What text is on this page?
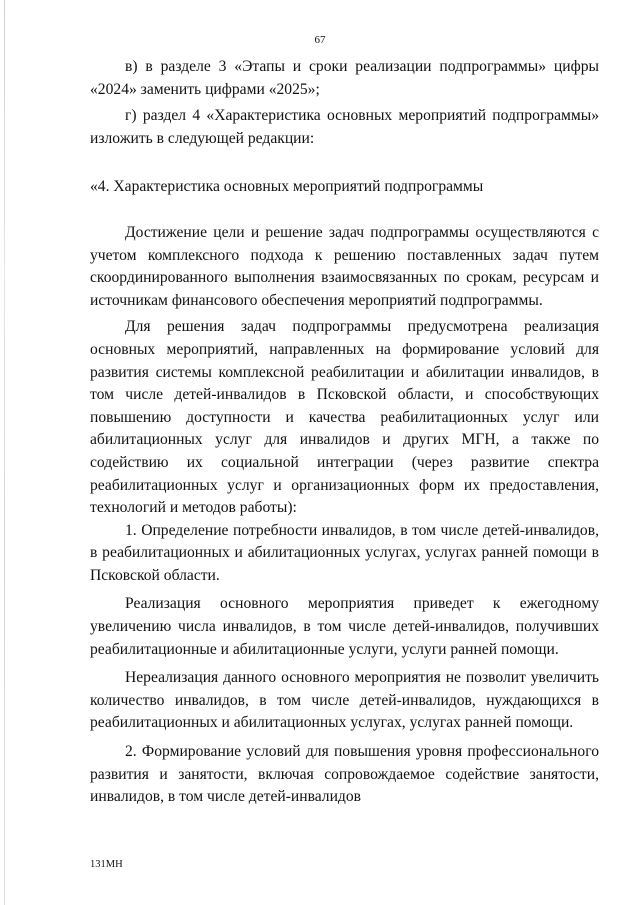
67

в) в разделе 3 «Этапы и сроки реализации подпрограммы» цифры «2024» заменить цифрами «2025»;

г) раздел 4 «Характеристика основных мероприятий подпрограммы» изложить в следующей редакции:

«4. Характеристика основных мероприятий подпрограммы

Достижение цели и решение задач подпрограммы осуществляются с учетом комплексного подхода к решению поставленных задач путем скоординированного выполнения взаимосвязанных по срокам, ресурсам и источникам финансового обеспечения мероприятий подпрограммы.

Для решения задач подпрограммы предусмотрена реализация основных мероприятий, направленных на формирование условий для развития системы комплексной реабилитации и абилитации инвалидов, в том числе детей-инвалидов в Псковской области, и способствующих повышению доступности и качества реабилитационных услуг или абилитационных услуг для инвалидов и других МГН, а также по содействию их социальной интеграции (через развитие спектра реабилитационных услуг и организационных форм их предоставления, технологий и методов работы):

1. Определение потребности инвалидов, в том числе детей-инвалидов, в реабилитационных и абилитационных услугах, услугах ранней помощи в Псковской области.

Реализация основного мероприятия приведет к ежегодному увеличению числа инвалидов, в том числе детей-инвалидов, получивших реабилитационные и абилитационные услуги, услуги ранней помощи.

Нереализация данного основного мероприятия не позволит увеличить количество инвалидов, в том числе детей-инвалидов, нуждающихся в реабилитационных и абилитационных услугах, услугах ранней помощи.

2. Формирование условий для повышения уровня профессионального развития и занятости, включая сопровождаемое содействие занятости, инвалидов, в том числе детей-инвалидов

131МН
